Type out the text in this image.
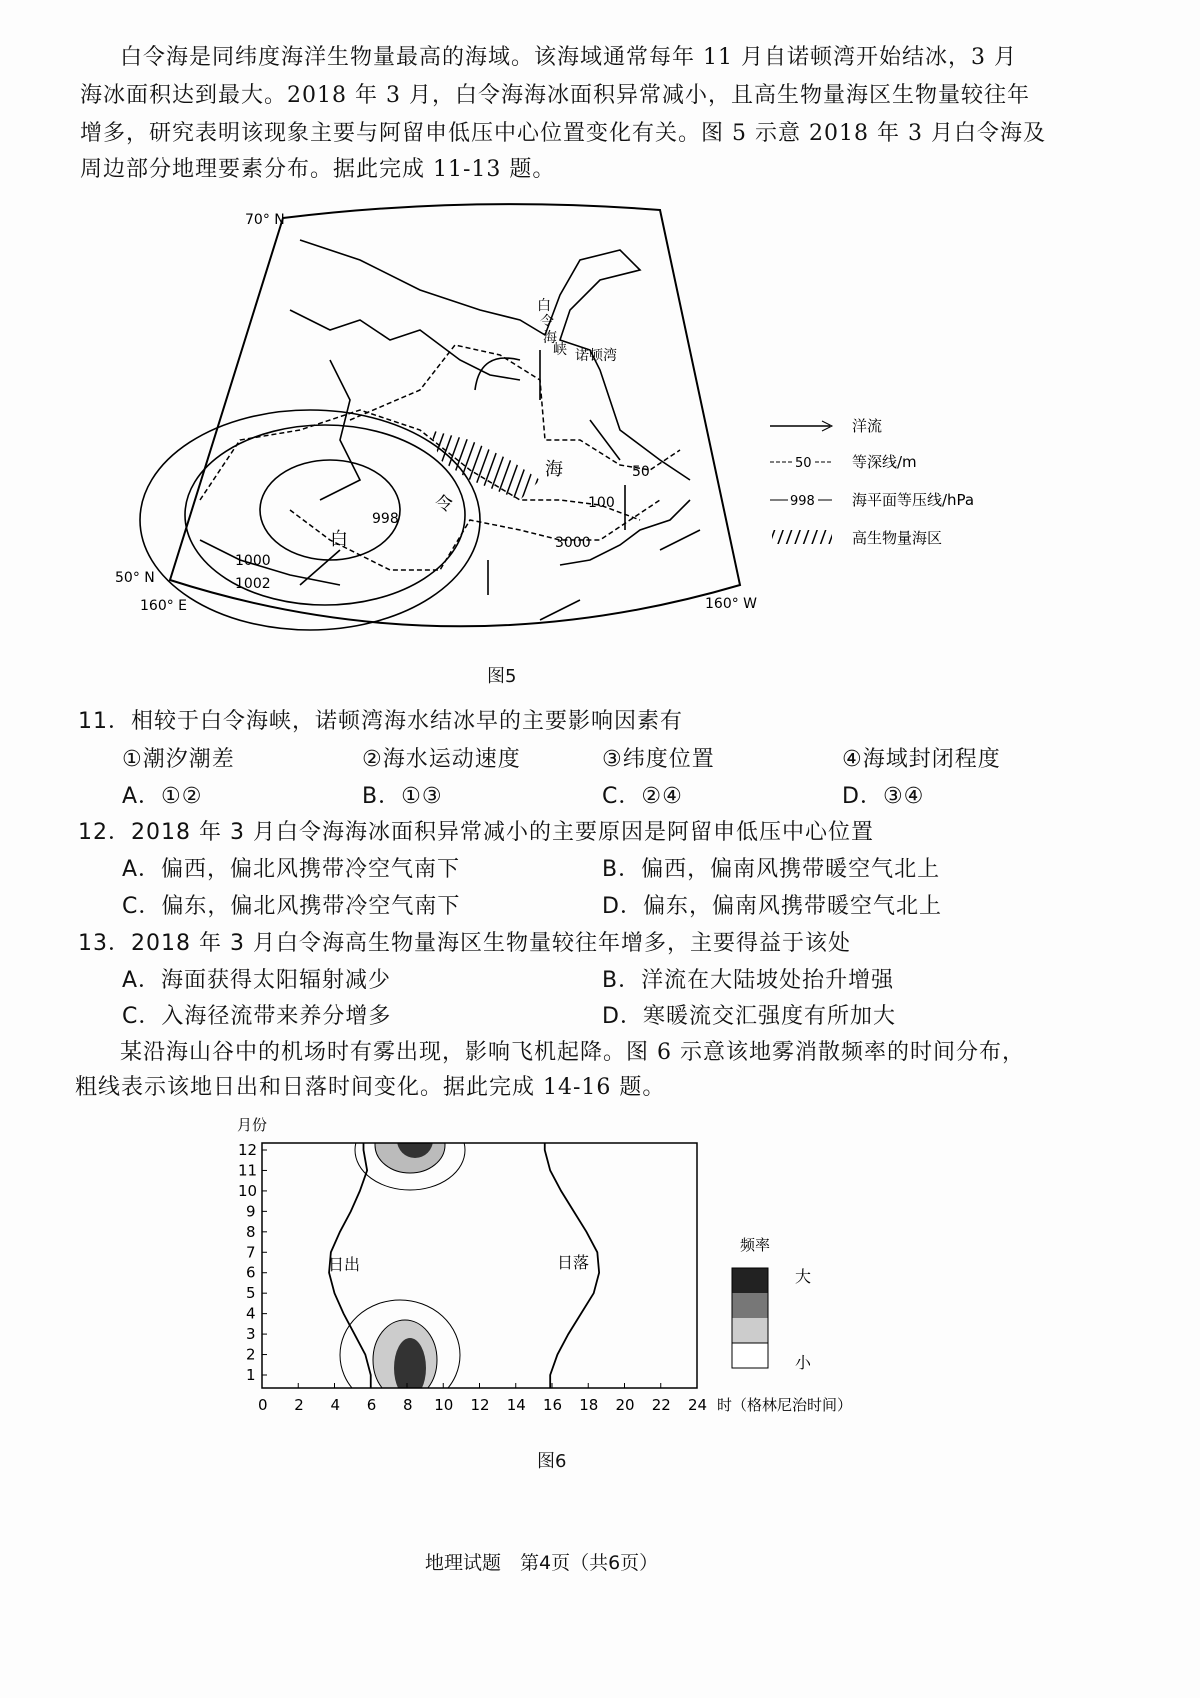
白令海是同纬度海洋生物量最高的海域。该海域通常每年 11 月自诺顿湾开始结冰，3 月
海冰面积达到最大。2018 年 3 月，白令海海冰面积异常减小，且高生物量海区生物量较往年
增多，研究表明该现象主要与阿留申低压中心位置变化有关。图 5 示意 2018 年 3 月白令海及
周边部分地理要素分布。据此完成 11-13 题。
70° N
50° N
160° E	160° W
诺顿湾
白
令
海
峡
白
令
海
998
1000
1002
50
100
3000
洋流
50	等深线/m
998 海平面等压线/hPa
高生物量海区
图5
11．相较于白令海峡，诺顿湾海水结冰早的主要影响因素有
①潮汐潮差	②海水运动速度	③纬度位置	④海域封闭程度
A．①②	B．①③	C．②④	D．③④
12．2018 年 3 月白令海海冰面积异常减小的主要原因是阿留申低压中心位置
A．偏西，偏北风携带冷空气南下	B．偏西，偏南风携带暖空气北上
C．偏东，偏北风携带冷空气南下	D．偏东，偏南风携带暖空气北上
13．2018 年 3 月白令海高生物量海区生物量较往年增多，主要得益于该处
A．海面获得太阳辐射减少	B．洋流在大陆坡处抬升增强
C．入海径流带来养分增多	D．寒暖流交汇强度有所加大
某沿海山谷中的机场时有雾出现，影响飞机起降。图 6 示意该地雾消散频率的时间分布，
粗线表示该地日出和日落时间变化。据此完成 14-16 题。
月份
0 2 4 6 8 10 12 14 16 18 20 22 24
1
2
3
4
5
6
7
8
9
10
11
12
日出	日落
时（格林尼治时间）
频率
大
小
图6
地理试题　第4页（共6页）
